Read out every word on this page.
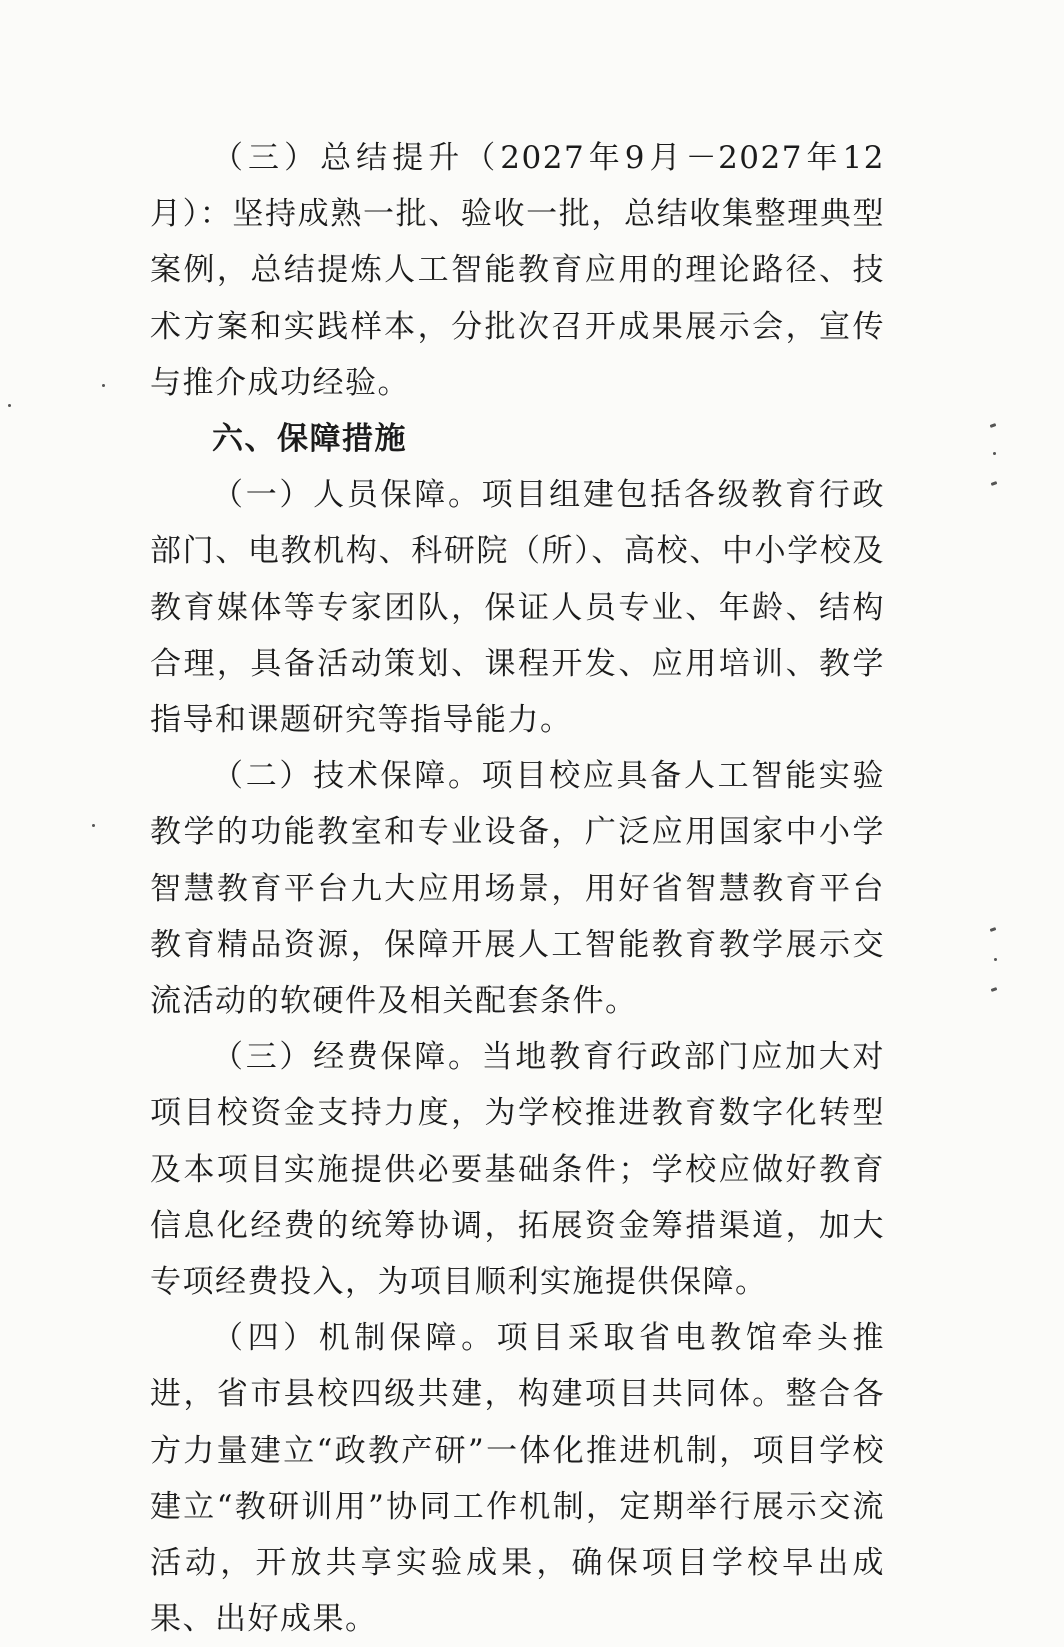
（三）总结提升（2027年9月－2027年12月）：坚持成熟一批、验收一批，总结收集整理典型案例，总结提炼人工智能教育应用的理论路径、技术方案和实践样本，分批次召开成果展示会，宣传与推介成功经验。

六、保障措施

（一）人员保障。项目组建包括各级教育行政部门、电教机构、科研院（所）、高校、中小学校及教育媒体等专家团队，保证人员专业、年龄、结构合理，具备活动策划、课程开发、应用培训、教学指导和课题研究等指导能力。

（二）技术保障。项目校应具备人工智能实验教学的功能教室和专业设备，广泛应用国家中小学智慧教育平台九大应用场景，用好省智慧教育平台教育精品资源，保障开展人工智能教育教学展示交流活动的软硬件及相关配套条件。

（三）经费保障。当地教育行政部门应加大对项目校资金支持力度，为学校推进教育数字化转型及本项目实施提供必要基础条件；学校应做好教育信息化经费的统筹协调，拓展资金筹措渠道，加大专项经费投入，为项目顺利实施提供保障。

（四）机制保障。项目采取省电教馆牵头推进，省市县校四级共建，构建项目共同体。整合各方力量建立“政教产研”一体化推进机制，项目学校建立“教研训用”协同工作机制，定期举行展示交流活动，开放共享实验成果，确保项目学校早出成果、出好成果。
